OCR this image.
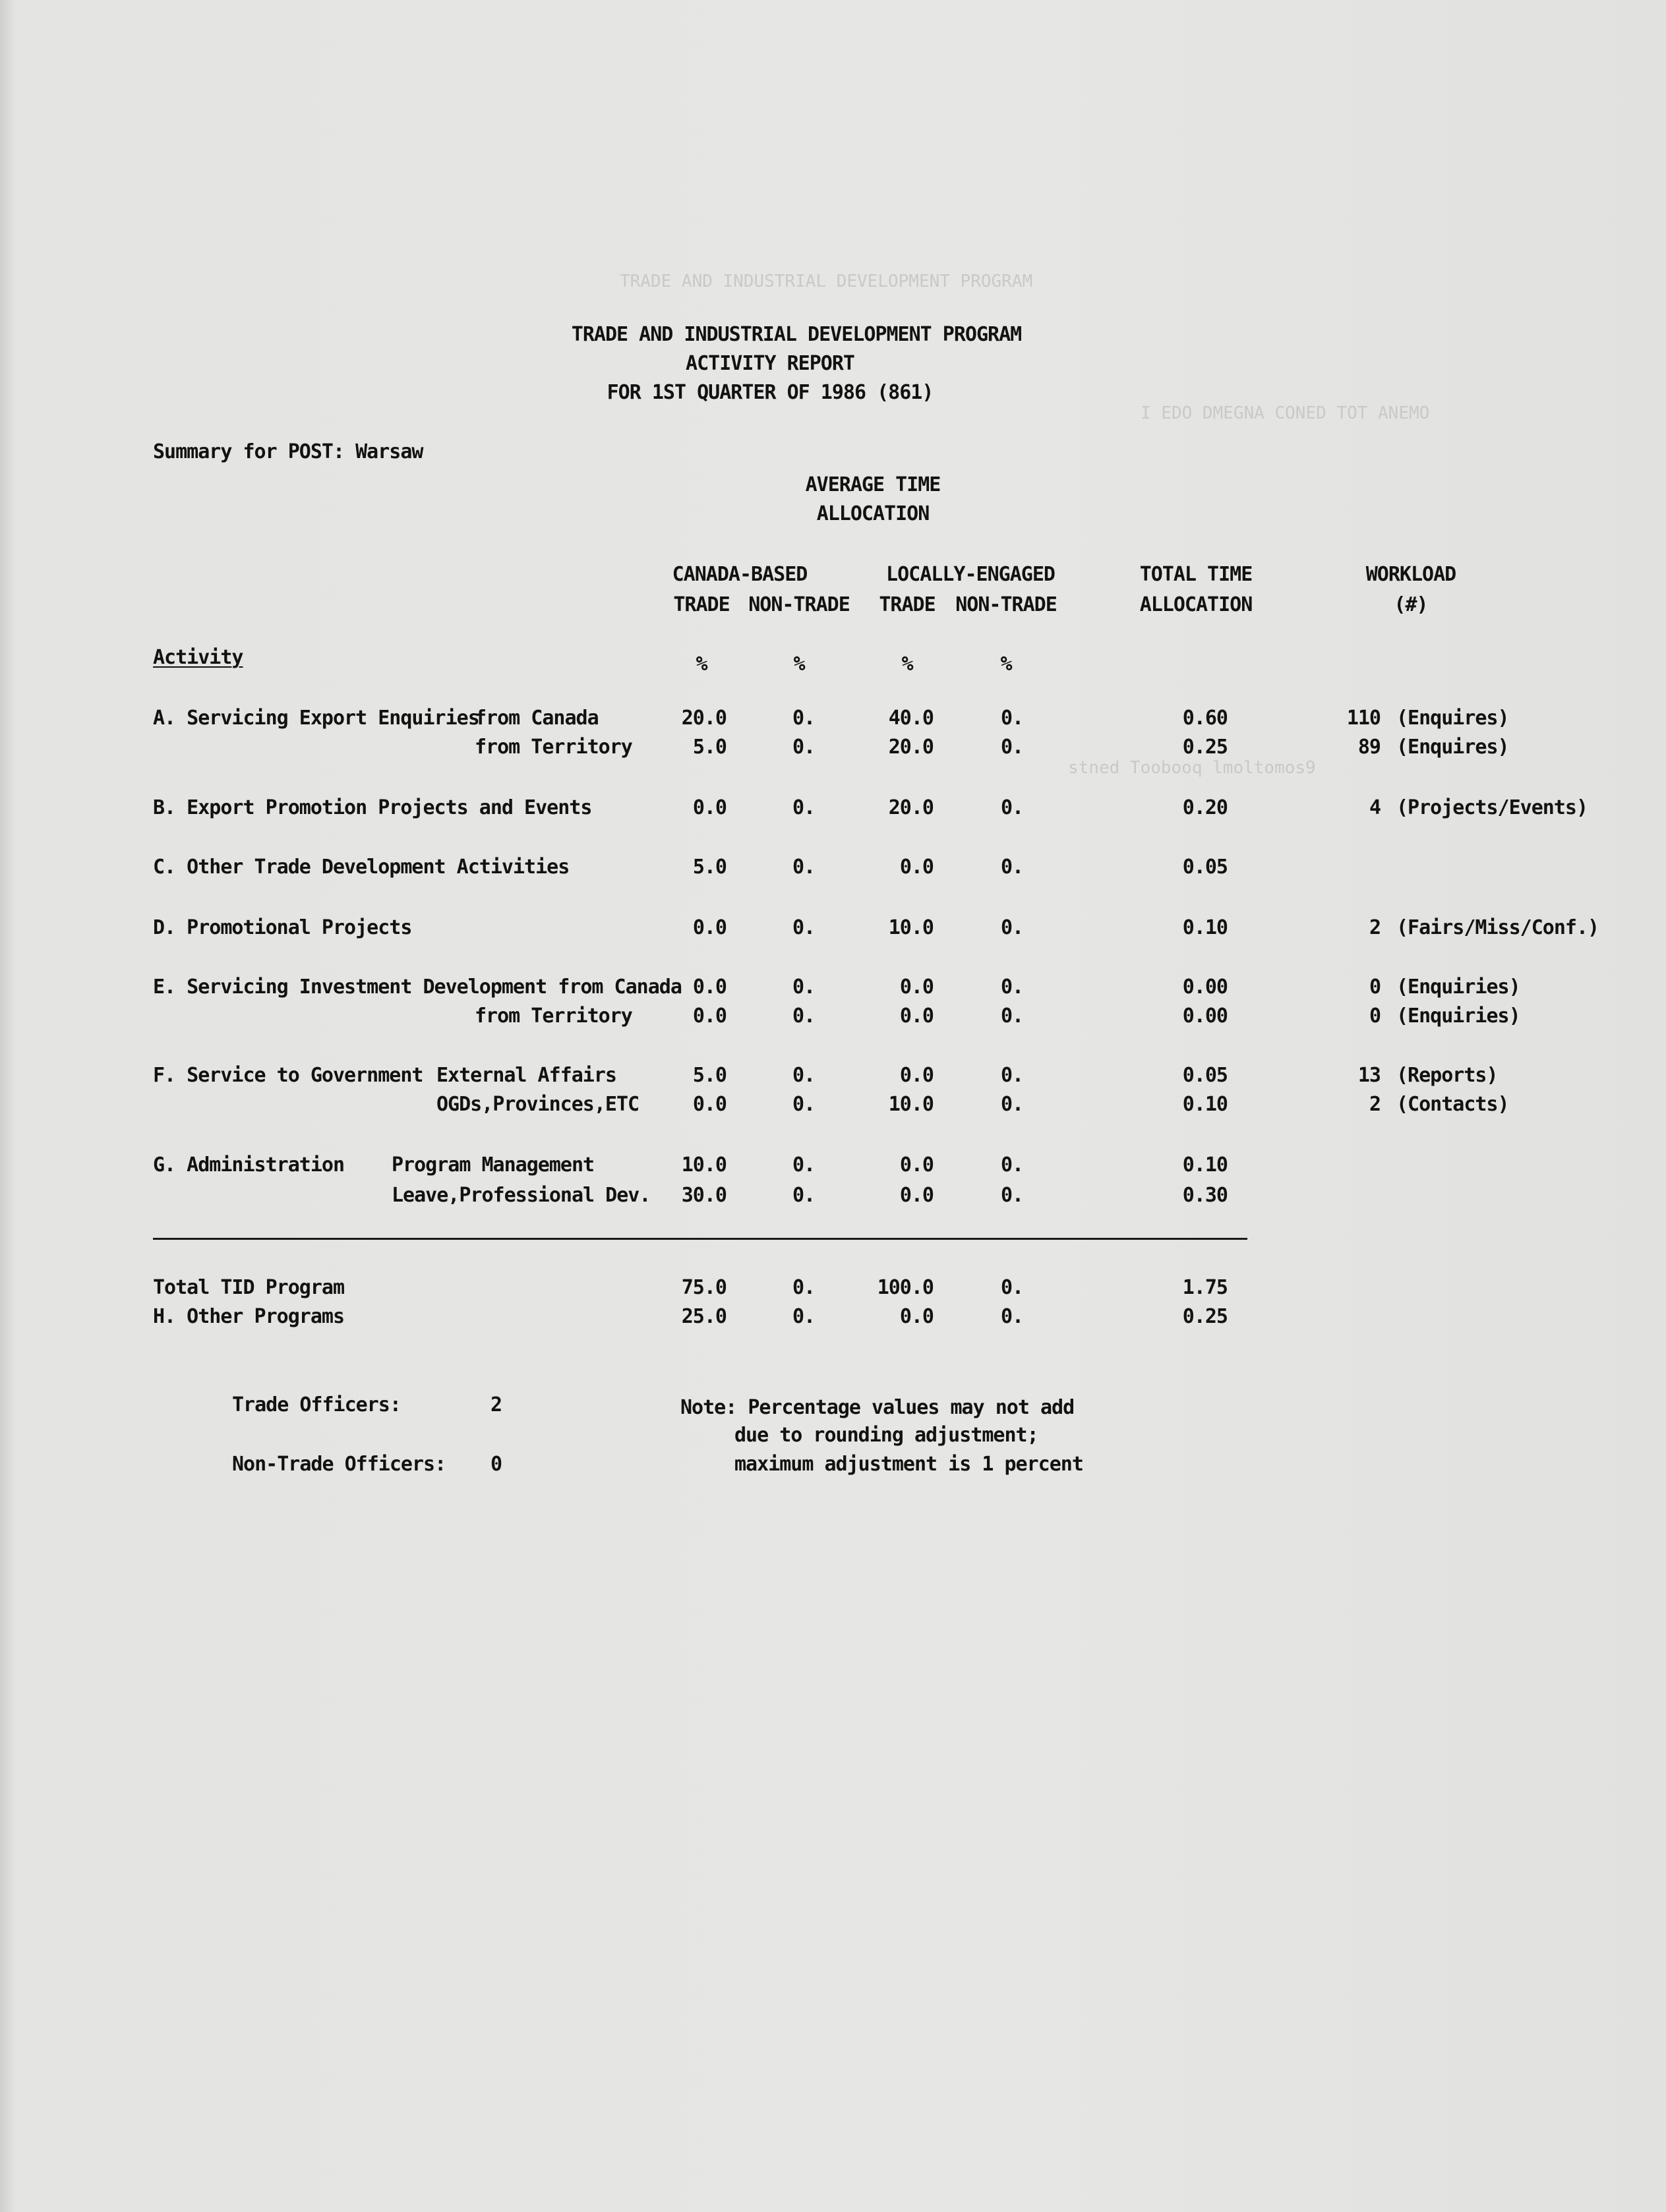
TRADE AND INDUSTRIAL DEVELOPMENT PROGRAM
I EDO DMEGNA CONED TOT ANEMO
stned Toobooq lmoltomos9
TRADE AND INDUSTRIAL DEVELOPMENT PROGRAM
ACTIVITY REPORT
FOR 1ST QUARTER OF 1986 (861)
Summary for POST: Warsaw
AVERAGE TIME
ALLOCATION
CANADA-BASED	LOCALLY-ENGAGED	TOTAL TIME	WORKLOAD
TRADE NON-TRADE TRADE NON-TRADE	ALLOCATION	(#)
Activity	%	%	%	%
A. Servicing Export Enquiries
from Canada	20.0	0.	40.0	0.	0.60	110 (Enquires)
from Territory	5.0	0.	20.0	0.	0.25	89 (Enquires)
B. Export Promotion Projects and Events	0.0	0.	20.0	0.	0.20	4 (Projects/Events)
C. Other Trade Development Activities	5.0	0.	0.0	0.	0.05
D. Promotional Projects	0.0	0.	10.0	0.	0.10	2 (Fairs/Miss/Conf.)
E. Servicing Investment Development from Canada 0.0	0.	0.0	0.	0.00	0 (Enquiries)
from Territory	0.0	0.	0.0	0.	0.00	0 (Enquiries)
F. Service to Government External Affairs	5.0	0.	0.0	0.	0.05	13 (Reports)
OGDs,Provinces,ETC	0.0	0.	10.0	0.	0.10	2 (Contacts)
G. Administration Program Management	10.0	0.	0.0	0.	0.10
Leave,Professional Dev. 30.0	0.	0.0	0.	0.30
Total TID Program	75.0	0.	100.0	0.	1.75
H. Other Programs	25.0	0.	0.0	0.	0.25
Trade Officers:	2
Non-Trade Officers: 0
Note: Percentage values may not add
due to rounding adjustment;
maximum adjustment is 1 percent
